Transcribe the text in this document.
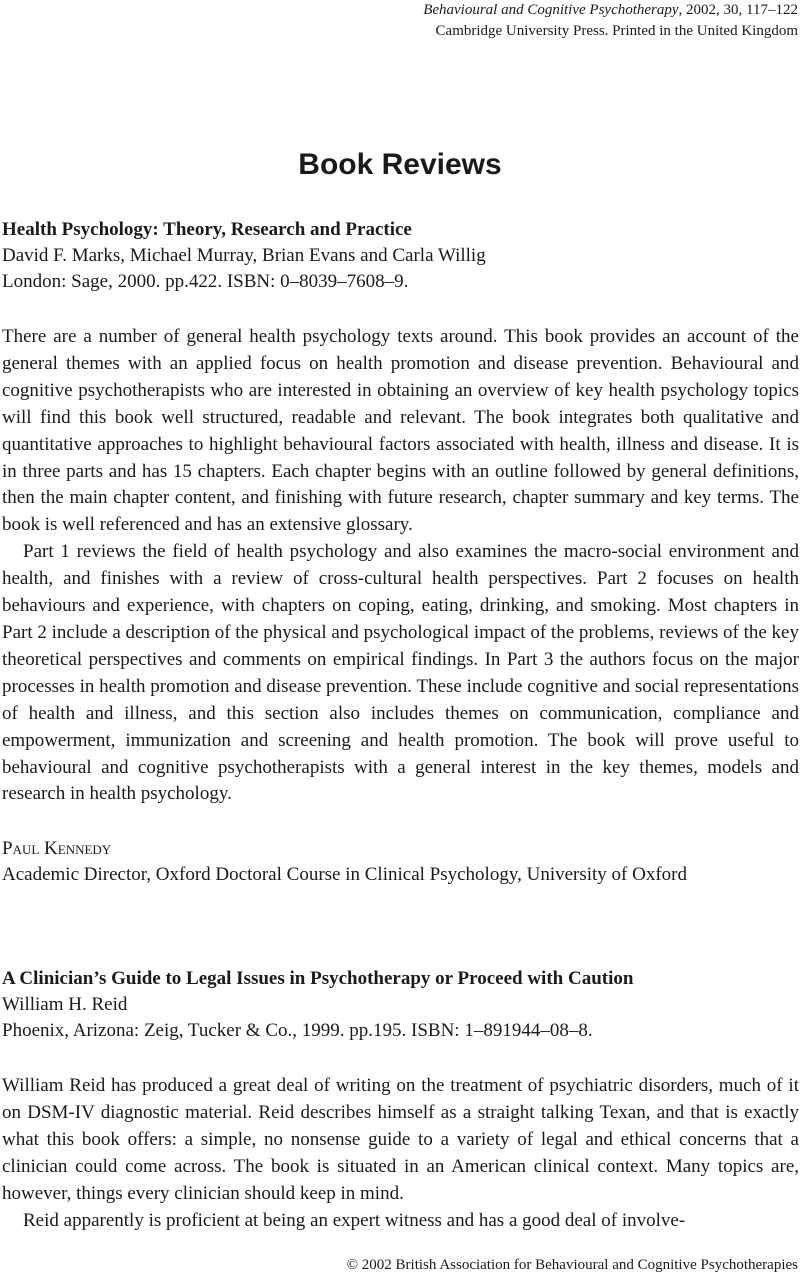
Behavioural and Cognitive Psychotherapy, 2002, 30, 117–122
Cambridge University Press. Printed in the United Kingdom
Book Reviews

Health Psychology: Theory, Research and Practice

David F. Marks, Michael Murray, Brian Evans and Carla Willig

London: Sage, 2000. pp.422. ISBN: 0–8039–7608–9.

There are a number of general health psychology texts around. This book provides an account of the general themes with an applied focus on health promotion and disease prevention. Behavioural and cognitive psychotherapists who are interested in obtaining an overview of key health psychology topics will find this book well structured, readable and relevant. The book integrates both qualitative and quantitative approaches to highlight behavioural factors associated with health, illness and disease. It is in three parts and has 15 chapters. Each chapter begins with an outline followed by general definitions, then the main chapter content, and finishing with future research, chapter summary and key terms. The book is well referenced and has an extensive glossary.

Part 1 reviews the field of health psychology and also examines the macro-social environment and health, and finishes with a review of cross-cultural health perspectives. Part 2 focuses on health behaviours and experience, with chapters on coping, eating, drinking, and smoking. Most chapters in Part 2 include a description of the physical and psychological impact of the problems, reviews of the key theoretical perspectives and comments on empirical findings. In Part 3 the authors focus on the major processes in health promotion and disease prevention. These include cognitive and social representations of health and illness, and this section also includes themes on communication, compliance and empowerment, immunization and screening and health promotion. The book will prove useful to behavioural and cognitive psychotherapists with a general interest in the key themes, models and research in health psychology.

Paul Kennedy
Academic Director, Oxford Doctoral Course in Clinical Psychology, University of Oxford

A Clinician’s Guide to Legal Issues in Psychotherapy or Proceed with Caution

William H. Reid

Phoenix, Arizona: Zeig, Tucker & Co., 1999. pp.195. ISBN: 1–891944–08–8.

William Reid has produced a great deal of writing on the treatment of psychiatric disorders, much of it on DSM-IV diagnostic material. Reid describes himself as a straight talking Texan, and that is exactly what this book offers: a simple, no nonsense guide to a variety of legal and ethical concerns that a clinician could come across. The book is situated in an American clinical context. Many topics are, however, things every clinician should keep in mind.

Reid apparently is proficient at being an expert witness and has a good deal of involve-

© 2002 British Association for Behavioural and Cognitive Psychotherapies
